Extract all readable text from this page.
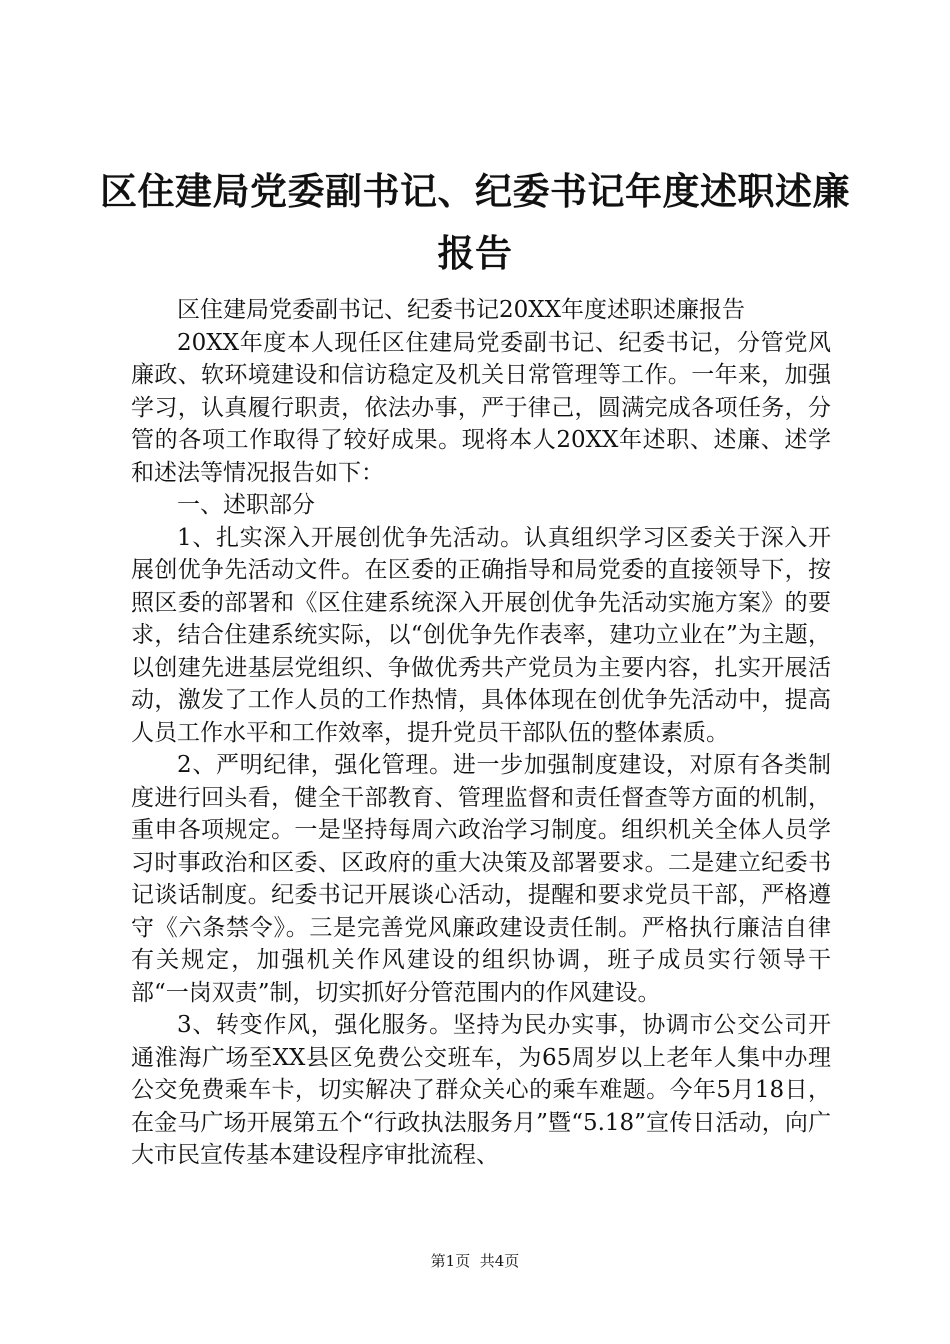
区住建局党委副书记、纪委书记年度述职述廉报告

区住建局党委副书记、纪委书记20XX年度述职述廉报告

20XX年度本人现任区住建局党委副书记、纪委书记，分管党风廉政、软环境建设和信访稳定及机关日常管理等工作。一年来，加强学习，认真履行职责，依法办事，严于律己，圆满完成各项任务，分管的各项工作取得了较好成果。现将本人20XX年述职、述廉、述学和述法等情况报告如下：

一、述职部分

1、扎实深入开展创优争先活动。认真组织学习区委关于深入开展创优争先活动文件。在区委的正确指导和局党委的直接领导下，按照区委的部署和《区住建系统深入开展创优争先活动实施方案》的要求，结合住建系统实际，以“创优争先作表率，建功立业在”为主题，以创建先进基层党组织、争做优秀共产党员为主要内容，扎实开展活动，激发了工作人员的工作热情，具体体现在创优争先活动中，提高人员工作水平和工作效率，提升党员干部队伍的整体素质。

2、严明纪律，强化管理。进一步加强制度建设，对原有各类制度进行回头看，健全干部教育、管理监督和责任督查等方面的机制，重申各项规定。一是坚持每周六政治学习制度。组织机关全体人员学习时事政治和区委、区政府的重大决策及部署要求。二是建立纪委书记谈话制度。纪委书记开展谈心活动，提醒和要求党员干部，严格遵守《六条禁令》。三是完善党风廉政建设责任制。严格执行廉洁自律有关规定，加强机关作风建设的组织协调，班子成员实行领导干部“一岗双责”制，切实抓好分管范围内的作风建设。

3、转变作风，强化服务。坚持为民办实事，协调市公交公司开通淮海广场至XX县区免费公交班车，为65周岁以上老年人集中办理公交免费乘车卡，切实解决了群众关心的乘车难题。今年5月18日，在金马广场开展第五个“行政执法服务月”暨“5.18”宣传日活动，向广大市民宣传基本建设程序审批流程、

第1页 共4页
